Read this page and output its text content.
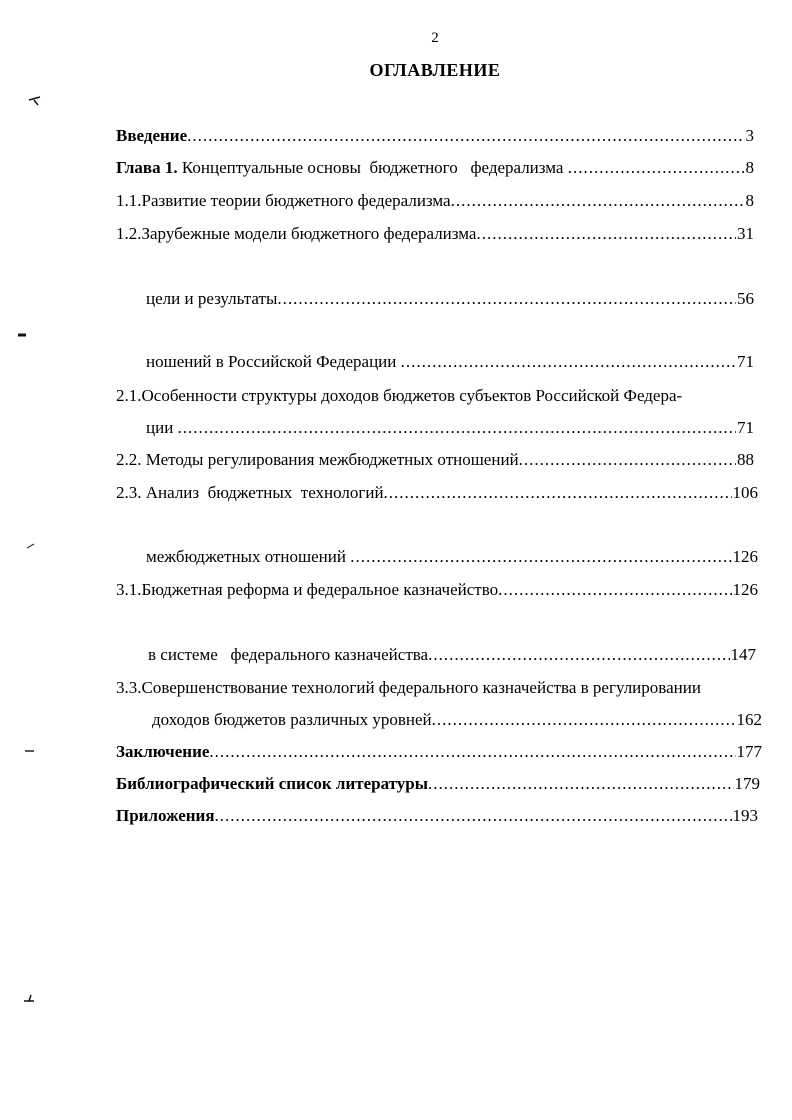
2
ОГЛАВЛЕНИЕ
Введение .....	3
Глава 1. Концептуальные основы  бюджетного   федерализма .....	8
1.1.Развитие теории бюджетного федерализма .....	8
1.2.Зарубежные модели бюджетного федерализма .....	31

цели и результаты .....	56

ношений в Российской Федерации .....	71
2.1.Особенности структуры доходов бюджетов субъектов Российской Федера-
ции .....	71
2.2. Методы регулирования межбюджетных отношений .....	88
2.3. Анализ  бюджетных  технологий .....	106

межбюджетных отношений .....	126
3.1.Бюджетная реформа и федеральное казначейство .....	126

в системе   федерального казначейства .....	147
3.3.Совершенствование технологий федерального казначейства в регулировании
доходов бюджетов различных уровней .....	162
Заключение .....	177
Библиографический список литературы .....	179
Приложения .....	193
